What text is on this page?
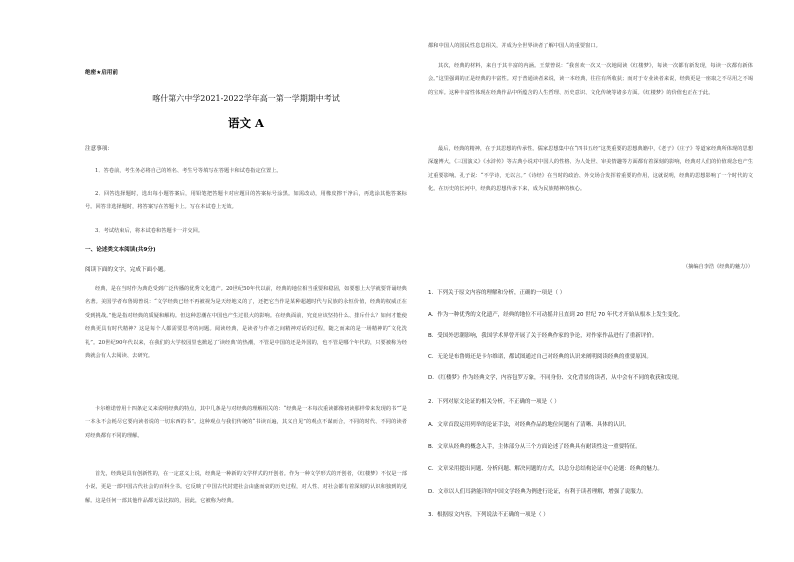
绝密★启用前
喀什第六中学2021-2022学年高一第一学期期中考试
语文 A
注意事项：
1．答卷前，考生务必将自己的姓名、考生号等填写在答题卡和试卷指定位置上。
2．回答选择题时，选出每小题答案后，用铅笔把答题卡对应题目的答案标号涂黑。如需改动，用橡皮擦干净后，再选涂其他答案标号。回答非选择题时，将答案写在答题卡上。写在本试卷上无效。
3．考试结束后，将本试卷和答题卡一并交回。
一、论述类文本阅读(共9分)
阅读下面的文字，完成下面小题。
经典，是在当时作为典范受到广泛传播的优秀文化遗产。20世纪50年代以前，经典的地位相当重要和稳固，如要想上大学就要背诵经典名著。美国学者布鲁姆曾说：“文学经典已经不再被视为是天经地义的了，还把它当作是某种超越时代与民族的永恒价值，经典的权威正在受到挑战。”他是指对经典的质疑和解构。但这种思潮在中国也产生过很大的影响。在经典面前，究竟应该坚持什么、排斥什么？如何才能使经典更具有时代精神？这是每个人都需要思考的问题。阅读经典，是读者与作者之间精神对话的过程，随之而来的是一场精神的“文化洗礼”。20世纪90年代以来，在我们的大学校园里也掀起了‘读经典’的热潮，不管是中国的还是外国的，也不管是哪个年代的，只要被称为经典就会有人去阅读、去研究。
卡尔维诺曾用十四条定义来说明经典的特点，其中几条是与对经典的理解相关的：“经典是一本每次重读都像初读那样带来发现的书”“是一本永不会耗尽它要向读者说的一切东西的书”。这种观点与我们传统的“书读百遍，其义自见”的观点不谋而合，不同的时代、不同的读者对经典都有不同的理解。
首先，经典是具有创新性的，在一定意义上说，经典是一种新的文学样式的开创者。作为一种文学形式的开创者，《红楼梦》不仅是一部小说，更是一部中国古代社会的百科全书。它反映了中国古代封建社会由盛而衰的历史过程，对人性、对社会都有着深刻的认识和独到的见解。这是任何一部其他作品都无法比拟的，因此，它被称为经典。
都和中国人的国民性息息相关，并成为全世界读者了解中国人的重要窗口。
其次，经典的材料，来自于其丰富的内涵。王蒙曾说：“我喜欢一次又一次地阅读《红楼梦》，每读一次都有新发现，每读一次都有新体会。”这里强调的正是经典的丰富性。对于普通读者来说，读一本经典，往往有所收获；而对于专业读者来说，经典更是一座取之不尽用之不竭的宝库。这种丰富性体现在经典作品中所蕴含的人生哲理、历史意识、文化传统等诸多方面。《红楼梦》的价值也正在于此。
最后，经典的精神，在于其思想的传承性。儒家思想集中在“四书五经”这类重要的思想典籍中，《老子》《庄子》等道家经典所体现的思想深邃博大，《三国演义》《水浒传》等古典小说对中国人的性格、为人处世、审美情趣等方面都有着深刻的影响，经典对人们的价值观念也产生过重要影响。孔子说：“不学诗，无以言。”《诗经》在当时的政治、外交场合发挥着重要的作用，这就说明，经典的思想影响了一个时代的文化。在历史的长河中，经典的思想传承下来，成为民族精神的核心。
（摘编自李浩《经典的魅力》）
1．下列关于原文内容的理解和分析，正确的一项是（ ）
A．作为一种优秀的文化遗产，经典的地位不可动摇并且直到 20 世纪 70 年代才开始从根本上发生变化。
B．受国外思潮影响，我国学术界曾开展了关于经典作家的争论，对作家作品进行了重新评价。
C．无论是布鲁姆还是卡尔维诺，都试图通过自己对经典的认识来阐明阅读经典的重要原因。
D．《红楼梦》作为经典文学，内容包罗万象，不同身份、文化背景的读者，从中会有不同的收获和发现。
2．下列对原文论证的相关分析，不正确的一项是（ ）
A．文章首段运用列举的论证手法，对经典作品的地位问题有了清晰、具体的认识。
B．文章从经典的概念入手，主体部分从三个方面论述了经典具有耐读性这一重要特征。
C．文章采用提出问题、分析问题、解决问题的方式，以总分总结构论证中心论题：经典的魅力。
D．文章以人们耳熟能详的中国文学经典为例进行论证，有利于读者理解，增强了说服力。
3．根据原文内容，下列说法不正确的一项是（ ）
